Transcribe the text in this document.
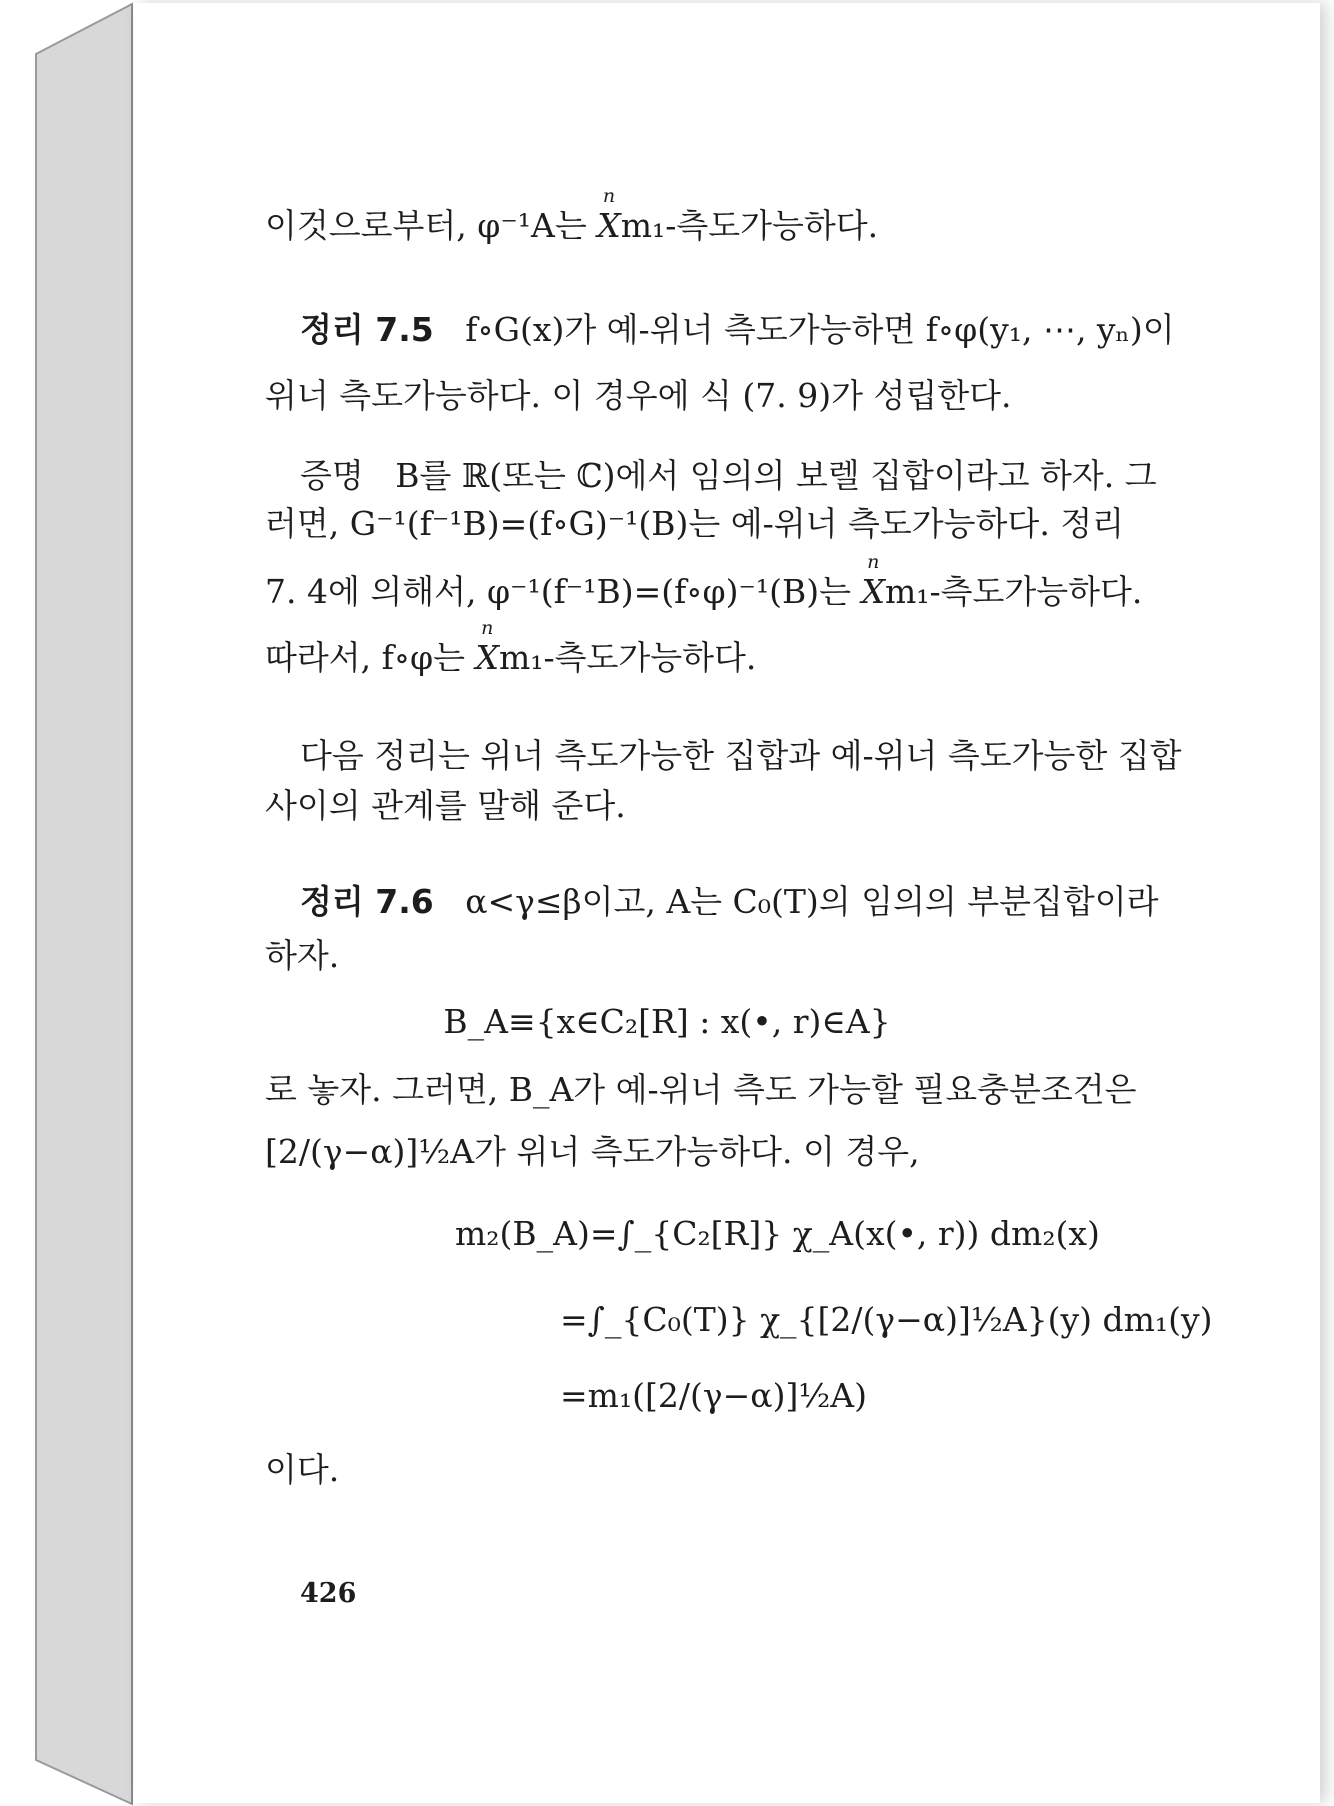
이것으로부터, φ⁻¹A는
n
Xm₁-측도가능하다.
정리 7.5 f∘G(x)가 예-위너 측도가능하면 f∘φ(y₁, ⋯, yₙ)이
위너 측도가능하다. 이 경우에 식 (7. 9)가 성립한다.
증명 B를 ℝ(또는 ℂ)에서 임의의 보렐 집합이라고 하자. 그
러면, G⁻¹(f⁻¹B)=(f∘G)⁻¹(B)는 예-위너 측도가능하다. 정리
7. 4에 의해서, φ⁻¹(f⁻¹B)=(f∘φ)⁻¹(B)는
n
Xm₁-측도가능하다.
따라서, f∘φ는
n
Xm₁-측도가능하다.
다음 정리는 위너 측도가능한 집합과 예-위너 측도가능한 집합
사이의 관계를 말해 준다.
정리 7.6 α<γ≤β이고, A는 C₀(T)의 임의의 부분집합이라
하자.
B_A≡{x∈C₂[R] : x(•, r)∈A}
로 놓자. 그러면, B_A가 예-위너 측도 가능할 필요충분조건은
[2/(γ−α)]½A가 위너 측도가능하다. 이 경우,
m₂(B_A)=∫_{C₂[R]} χ_A(x(•, r)) dm₂(x)
=∫_{C₀(T)} χ_{[2/(γ−α)]½A}(y) dm₁(y)
=m₁([2/(γ−α)]½A)
이다.
426
